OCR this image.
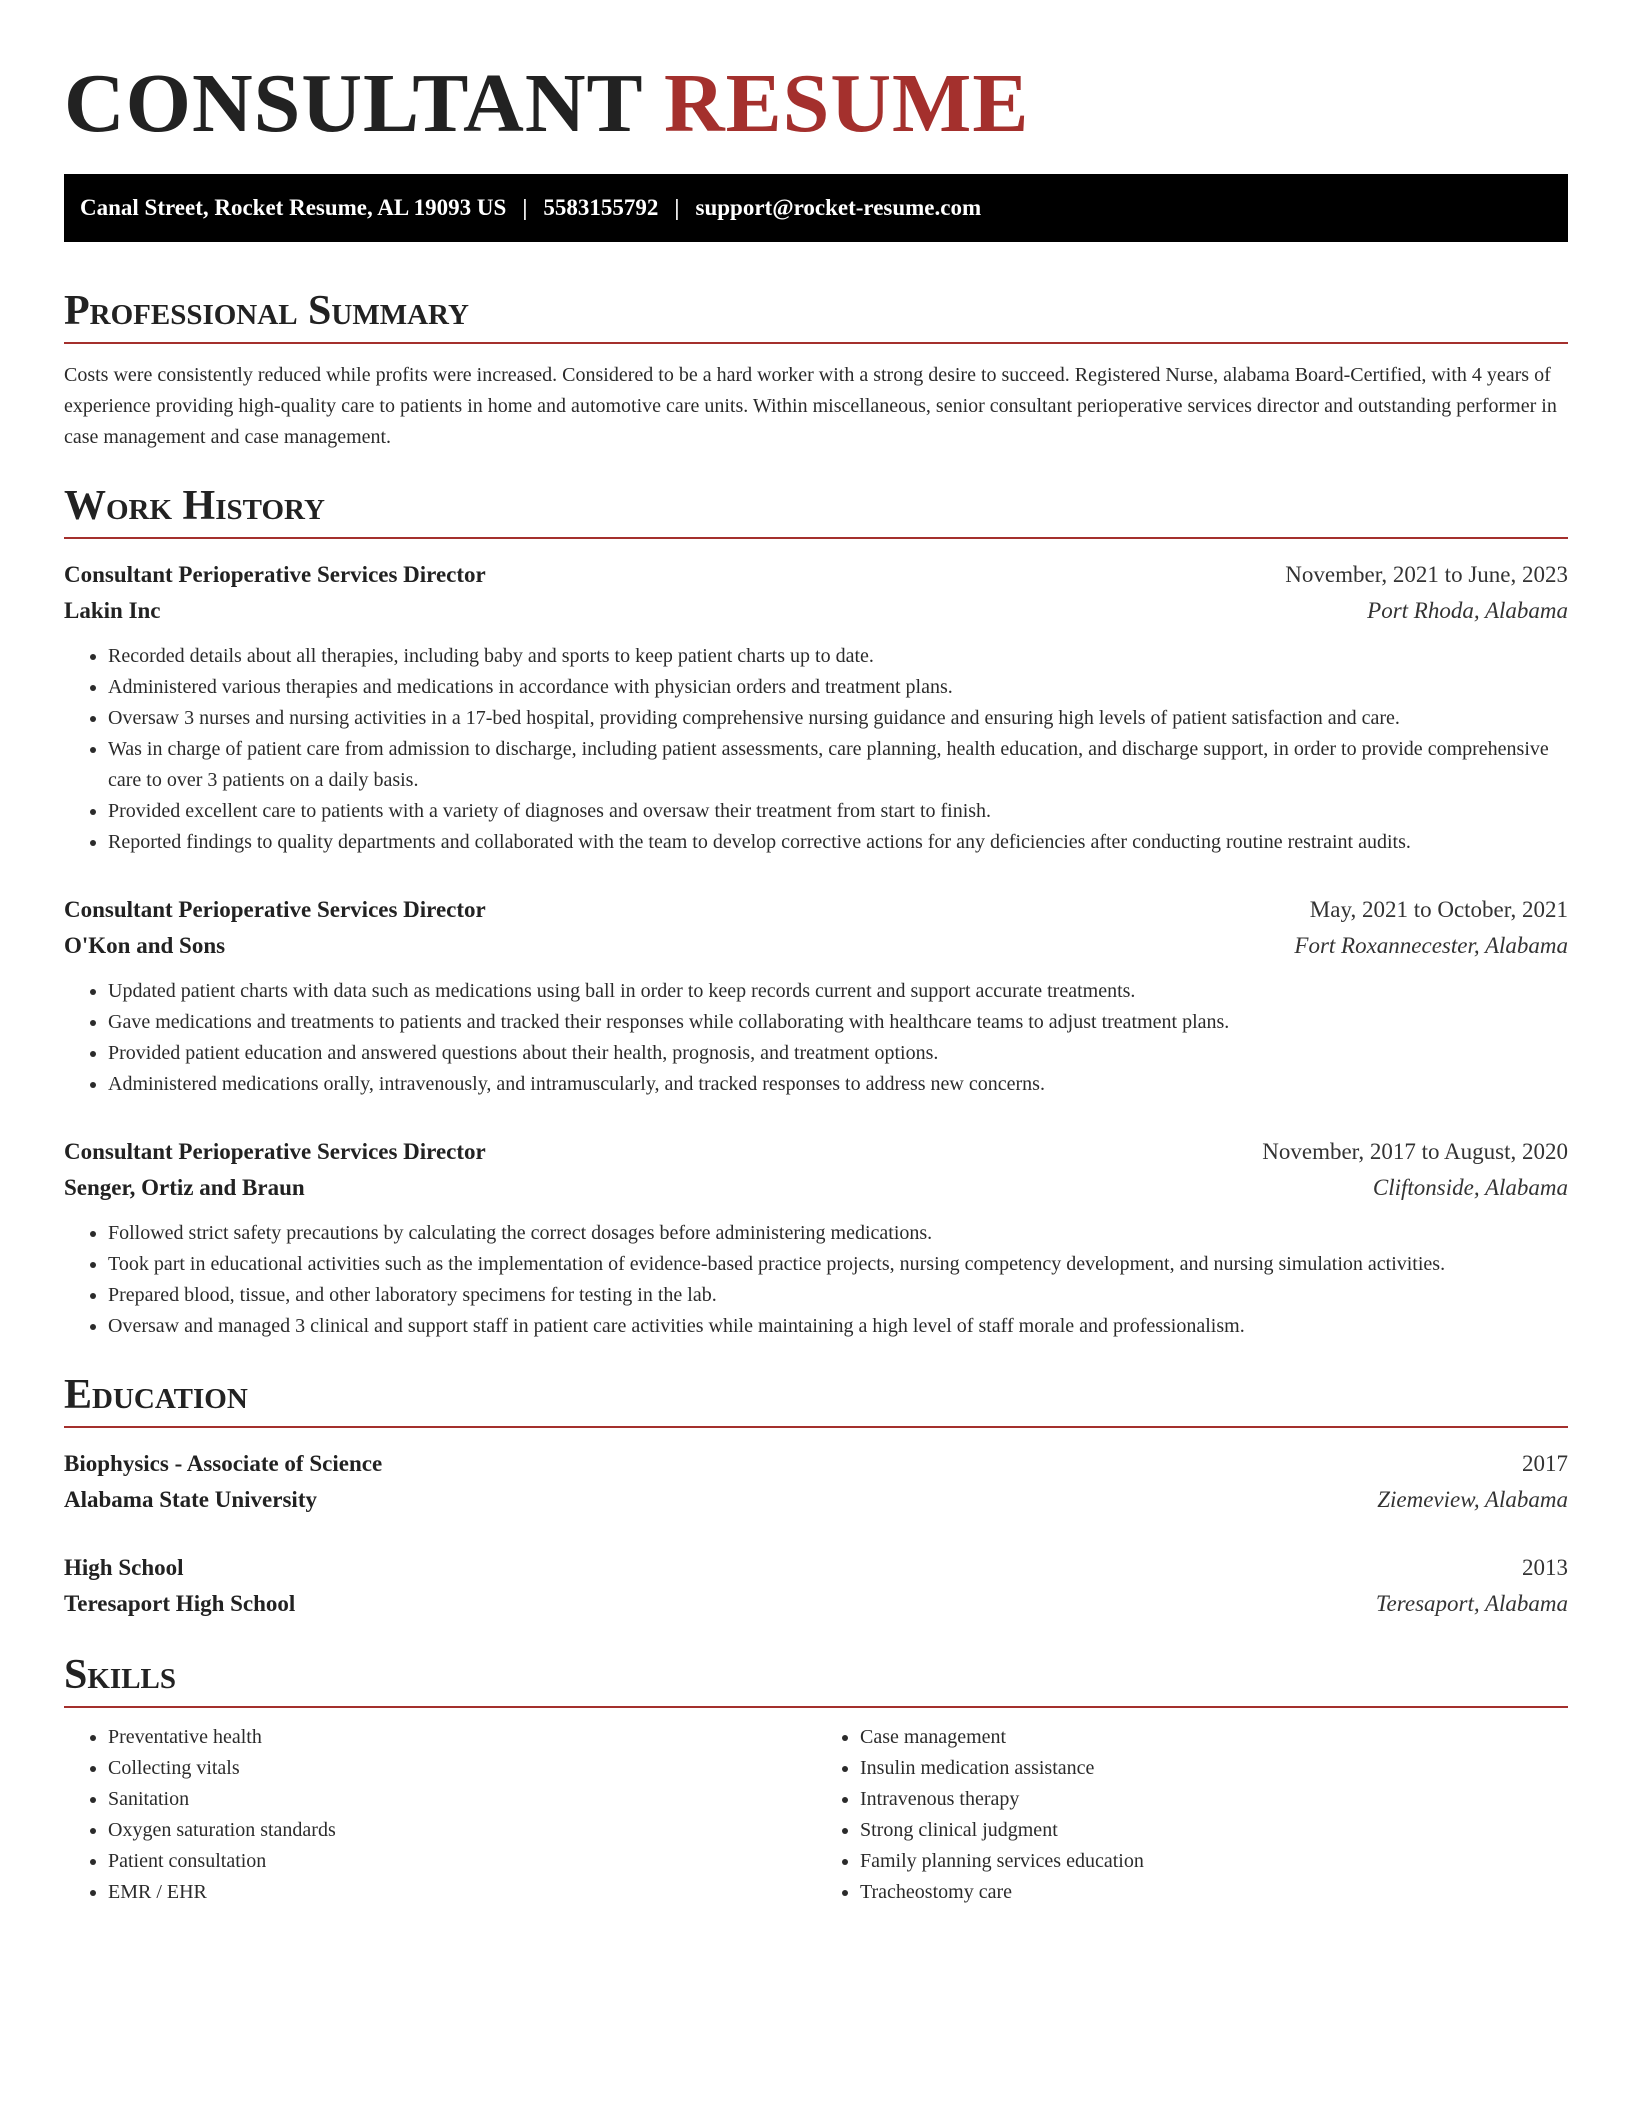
CONSULTANT RESUME
Canal Street, Rocket Resume, AL 19093 US | 5583155792 | support@rocket-resume.com
Professional Summary

Costs were consistently reduced while profits were increased. Considered to be a hard worker with a strong desire to succeed. Registered Nurse, alabama Board-Certified, with 4 years of experience providing high-quality care to patients in home and automotive care units. Within miscellaneous, senior consultant perioperative services director and outstanding performer in case management and case management.

Work History
Consultant Perioperative Services Director	November, 2021 to June, 2023
Lakin Inc	Port Rhoda, Alabama
• Recorded details about all therapies, including baby and sports to keep patient charts up to date.
• Administered various therapies and medications in accordance with physician orders and treatment plans.
• Oversaw 3 nurses and nursing activities in a 17-bed hospital, providing comprehensive nursing guidance and ensuring high levels of patient satisfaction and care.
• Was in charge of patient care from admission to discharge, including patient assessments, care planning, health education, and discharge support, in order to provide comprehensive care to over 3 patients on a daily basis.
• Provided excellent care to patients with a variety of diagnoses and oversaw their treatment from start to finish.
• Reported findings to quality departments and collaborated with the team to develop corrective actions for any deficiencies after conducting routine restraint audits.
Consultant Perioperative Services Director	May, 2021 to October, 2021
O'Kon and Sons	Fort Roxannecester, Alabama
• Updated patient charts with data such as medications using ball in order to keep records current and support accurate treatments.
• Gave medications and treatments to patients and tracked their responses while collaborating with healthcare teams to adjust treatment plans.
• Provided patient education and answered questions about their health, prognosis, and treatment options.
• Administered medications orally, intravenously, and intramuscularly, and tracked responses to address new concerns.
Consultant Perioperative Services Director	November, 2017 to August, 2020
Senger, Ortiz and Braun	Cliftonside, Alabama
• Followed strict safety precautions by calculating the correct dosages before administering medications.
• Took part in educational activities such as the implementation of evidence-based practice projects, nursing competency development, and nursing simulation activities.
• Prepared blood, tissue, and other laboratory specimens for testing in the lab.
• Oversaw and managed 3 clinical and support staff in patient care activities while maintaining a high level of staff morale and professionalism.
Education
Biophysics - Associate of Science	2017
Alabama State University	Ziemeview, Alabama
High School	2013
Teresaport High School	Teresaport, Alabama
Skills
• Preventative health
• Collecting vitals
• Sanitation
• Oxygen saturation standards
• Patient consultation
• EMR / EHR
• Case management
• Insulin medication assistance
• Intravenous therapy
• Strong clinical judgment
• Family planning services education
• Tracheostomy care
